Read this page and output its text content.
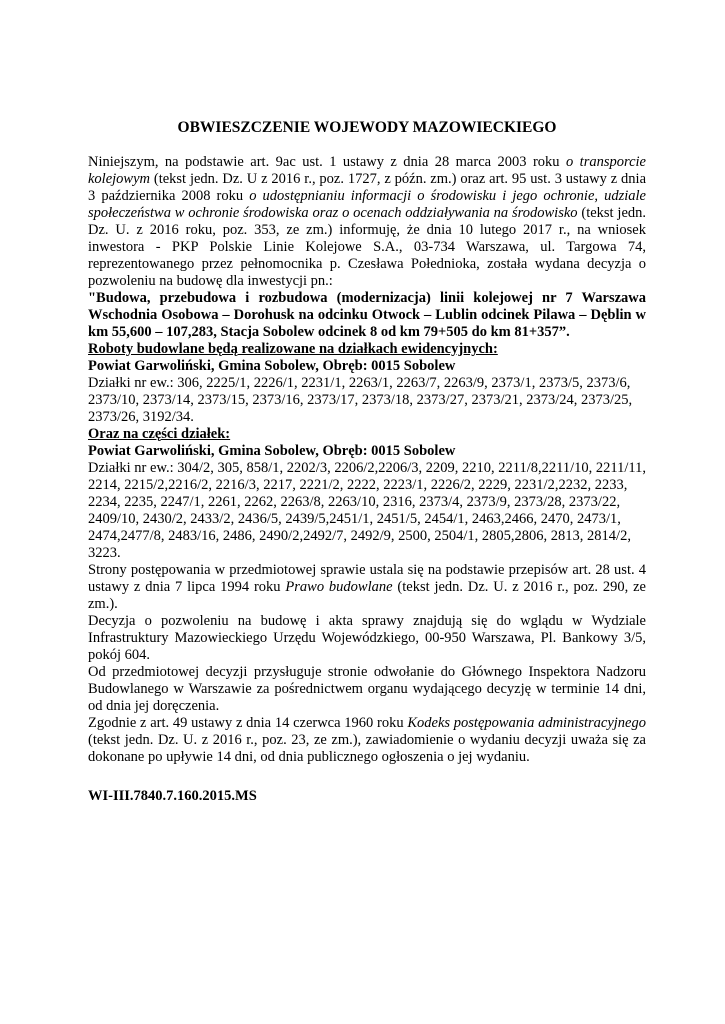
OBWIESZCZENIE WOJEWODY MAZOWIECKIEGO

Niniejszym, na podstawie art. 9ac ust. 1 ustawy z dnia 28 marca 2003 roku o transporcie kolejowym (tekst jedn. Dz. U z 2016 r., poz. 1727, z późn. zm.) oraz art. 95 ust. 3 ustawy z dnia 3 października 2008 roku o udostępnianiu informacji o środowisku i jego ochronie, udziale społeczeństwa w ochronie środowiska oraz o ocenach oddziaływania na środowisko (tekst jedn. Dz. U. z 2016 roku, poz. 353, ze zm.) informuję, że dnia 10 lutego 2017 r., na wniosek inwestora - PKP Polskie Linie Kolejowe S.A., 03-734 Warszawa, ul. Targowa 74, reprezentowanego przez pełnomocnika p. Czesława Połednioka, została wydana decyzja o pozwoleniu na budowę dla inwestycji pn.:

"Budowa, przebudowa i rozbudowa (modernizacja) linii kolejowej nr 7 Warszawa Wschodnia Osobowa – Dorohusk na odcinku Otwock – Lublin odcinek Pilawa – Dęblin w km 55,600 – 107,283, Stacja Sobolew odcinek 8 od km 79+505 do km 81+357”.

Roboty budowlane będą realizowane na działkach ewidencyjnych:

Powiat Garwoliński, Gmina Sobolew, Obręb: 0015 Sobolew

Działki nr ew.: 306, 2225/1, 2226/1, 2231/1, 2263/1, 2263/7, 2263/9, 2373/1, 2373/5, 2373/6, 2373/10, 2373/14, 2373/15, 2373/16, 2373/17, 2373/18, 2373/27, 2373/21, 2373/24, 2373/25, 2373/26, 3192/34.

Oraz na części działek:

Powiat Garwoliński, Gmina Sobolew, Obręb: 0015 Sobolew

Działki nr ew.: 304/2, 305, 858/1, 2202/3, 2206/2,2206/3, 2209, 2210, 2211/8,2211/10, 2211/11, 2214, 2215/2,2216/2, 2216/3, 2217, 2221/2, 2222, 2223/1, 2226/2, 2229, 2231/2,2232, 2233, 2234, 2235, 2247/1, 2261, 2262, 2263/8, 2263/10, 2316, 2373/4, 2373/9, 2373/28, 2373/22, 2409/10, 2430/2, 2433/2, 2436/5, 2439/5,2451/1, 2451/5, 2454/1, 2463,2466, 2470, 2473/1, 2474,2477/8, 2483/16, 2486, 2490/2,2492/7, 2492/9, 2500, 2504/1, 2805,2806, 2813, 2814/2, 3223.

Strony postępowania w przedmiotowej sprawie ustala się na podstawie przepisów art. 28 ust. 4 ustawy z dnia 7 lipca 1994 roku Prawo budowlane (tekst jedn. Dz. U. z 2016 r., poz. 290, ze zm.).

Decyzja o pozwoleniu na budowę i akta sprawy znajdują się do wglądu w Wydziale Infrastruktury Mazowieckiego Urzędu Wojewódzkiego, 00-950 Warszawa, Pl. Bankowy 3/5, pokój 604.

Od przedmiotowej decyzji przysługuje stronie odwołanie do Głównego Inspektora Nadzoru Budowlanego w Warszawie za pośrednictwem organu wydającego decyzję w terminie 14 dni, od dnia jej doręczenia.

Zgodnie z art. 49 ustawy z dnia 14 czerwca 1960 roku Kodeks postępowania administracyjnego (tekst jedn. Dz. U. z 2016 r., poz. 23, ze zm.), zawiadomienie o wydaniu decyzji uważa się za dokonane po upływie 14 dni, od dnia publicznego ogłoszenia o jej wydaniu.

WI-III.7840.7.160.2015.MS
